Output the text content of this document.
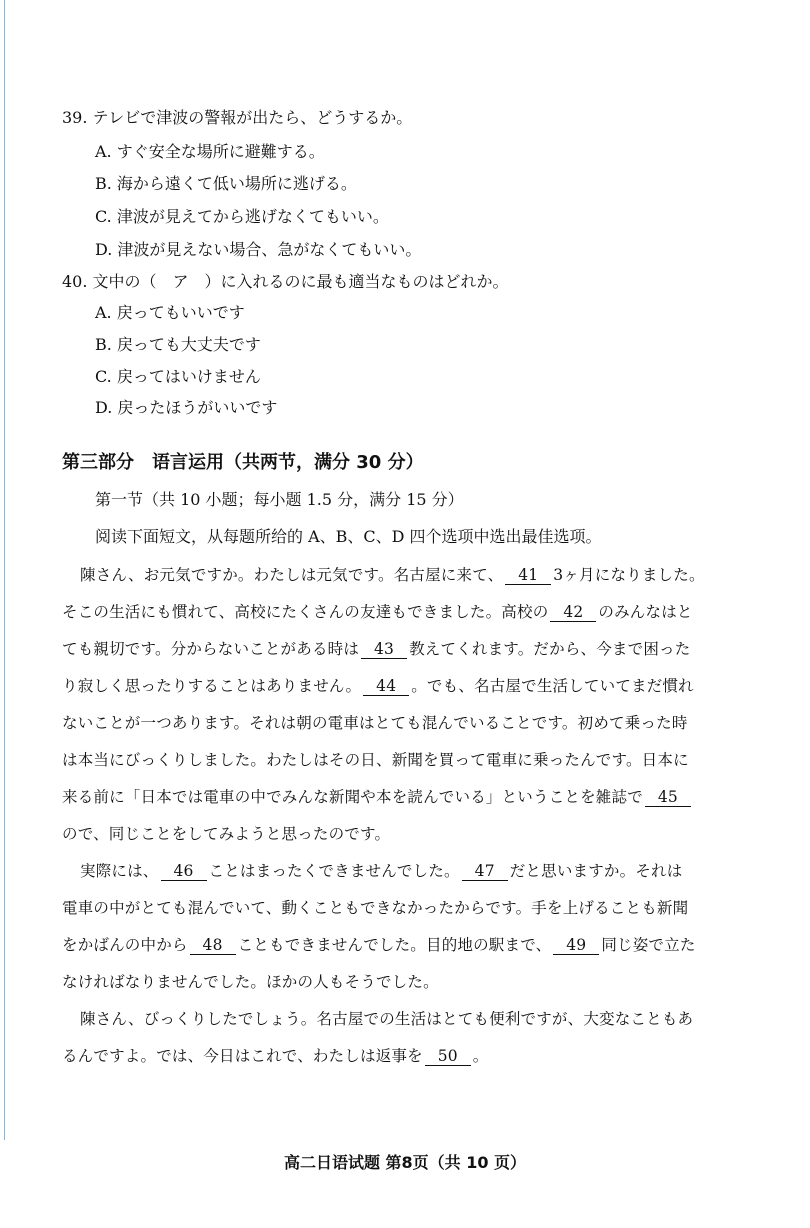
39. テレビで津波の警報が出たら、どうするか。
A. すぐ安全な場所に避難する。
B. 海から遠くて低い場所に逃げる。
C. 津波が見えてから逃げなくてもいい。
D. 津波が見えない場合、急がなくてもいい。
40. 文中の（　ア　）に入れるのに最も適当なものはどれか。
A. 戻ってもいいです
B. 戻っても大丈夫です
C. 戻ってはいけません
D. 戻ったほうがいいです
第三部分　语言运用（共两节，满分 30 分）
第一节（共 10 小题；每小题 1.5 分，满分 15 分）
阅读下面短文，从每题所给的 A、B、C、D 四个选项中选出最佳选项。
陳さん、お元気ですか。わたしは元気です。名古屋に来て、 41 3ヶ月になりました。
そこの生活にも慣れて、高校にたくさんの友達もできました。高校の 42 のみんなはと
ても親切です。分からないことがある時は 43 教えてくれます。だから、今まで困った
り寂しく思ったりすることはありません。 44 。でも、名古屋で生活していてまだ慣れ
ないことが一つあります。それは朝の電車はとても混んでいることです。初めて乗った時
は本当にびっくりしました。わたしはその日、新聞を買って電車に乗ったんです。日本に
来る前に「日本では電車の中でみんな新聞や本を読んでいる」ということを雑誌で 45
ので、同じことをしてみようと思ったのです。
実際には、 46 ことはまったくできませんでした。 47 だと思いますか。それは
電車の中がとても混んでいて、動くこともできなかったからです。手を上げることも新聞
をかばんの中から 48 こともできませんでした。目的地の駅まで、 49 同じ姿で立た
なければなりませんでした。ほかの人もそうでした。
陳さん、びっくりしたでしょう。名古屋での生活はとても便利ですが、大変なこともあ
るんですよ。では、今日はこれで、わたしは返事を 50 。
高二日语试题 第8页（共 10 页）
